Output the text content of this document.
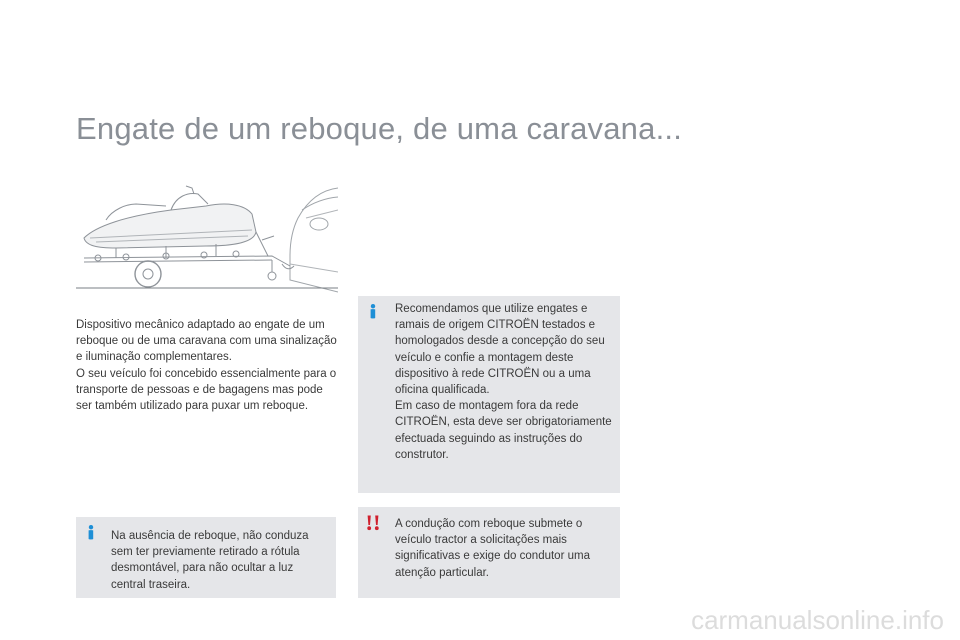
Engate de um reboque, de uma caravana...

Dispositivo mecânico adaptado ao engate de um reboque ou de uma caravana com uma sinalização e iluminação complementares.

O seu veículo foi concebido essencialmente para o transporte de pessoas e de bagagens mas pode ser também utilizado para puxar um reboque.

Na ausência de reboque, não conduza sem ter previamente retirado a rótula desmontável, para não ocultar a luz central traseira.

Recomendamos que utilize engates e ramais de origem CITROËN testados e homologados desde a concepção do seu veículo e confie a montagem deste dispositivo à rede CITROËN ou a uma oficina qualificada.

Em caso de montagem fora da rede CITROËN, esta deve ser obrigatoriamente efectuada seguindo as instruções do construtor.

A condução com reboque submete o veículo tractor a solicitações mais significativas e exige do condutor uma atenção particular.

carmanualsonline.info
